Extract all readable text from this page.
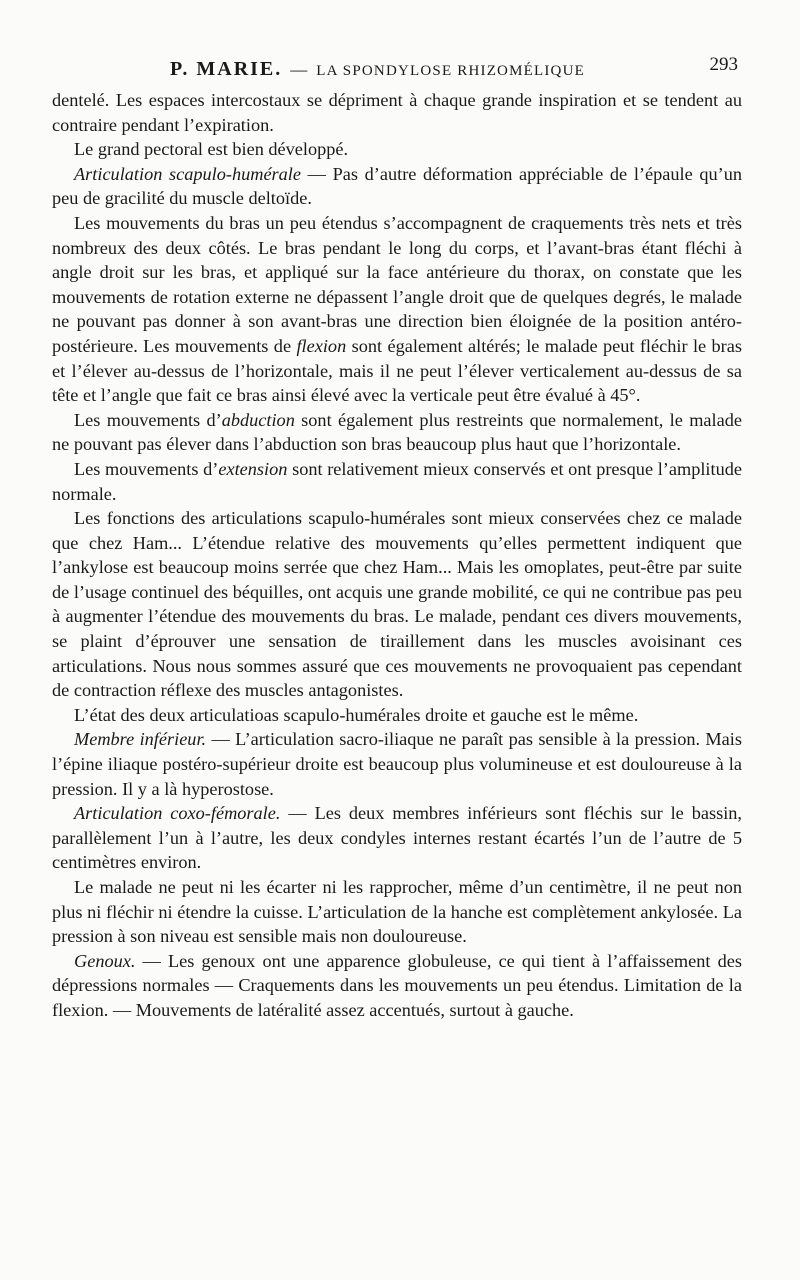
P. MARIE. — LA SPONDYLOSE RHIZOMÉLIQUE	293

dentelé. Les espaces intercostaux se dépriment à chaque grande inspiration et se tendent au contraire pendant l’expiration.

Le grand pectoral est bien développé.

Articulation scapulo-humérale — Pas d’autre déformation appréciable de l’épaule qu’un peu de gracilité du muscle deltoïde.

Les mouvements du bras un peu étendus s’accompagnent de craquements très nets et très nombreux des deux côtés. Le bras pendant le long du corps, et l’avant-bras étant fléchi à angle droit sur les bras, et appliqué sur la face antérieure du thorax, on constate que les mouvements de rotation externe ne dépassent l’angle droit que de quelques degrés, le malade ne pouvant pas donner à son avant-bras une direction bien éloignée de la position antéro-postérieure. Les mouvements de flexion sont également altérés; le malade peut fléchir le bras et l’élever au-dessus de l’horizontale, mais il ne peut l’élever verticalement au-dessus de sa tête et l’angle que fait ce bras ainsi élevé avec la verticale peut être évalué à 45°.

Les mouvements d’abduction sont également plus restreints que normalement, le malade ne pouvant pas élever dans l’abduction son bras beaucoup plus haut que l’horizontale.

Les mouvements d’extension sont relativement mieux conservés et ont presque l’amplitude normale.

Les fonctions des articulations scapulo-humérales sont mieux conservées chez ce malade que chez Ham... L’étendue relative des mouvements qu’elles permettent indiquent que l’ankylose est beaucoup moins serrée que chez Ham... Mais les omoplates, peut-être par suite de l’usage continuel des béquilles, ont acquis une grande mobilité, ce qui ne contribue pas peu à augmenter l’étendue des mouvements du bras. Le malade, pendant ces divers mouvements, se plaint d’éprouver une sensation de tiraillement dans les muscles avoisinant ces articulations. Nous nous sommes assuré que ces mouvements ne provoquaient pas cependant de contraction réflexe des muscles antagonistes.

L’état des deux articulatioas scapulo-humérales droite et gauche est le même.

Membre inférieur. — L’articulation sacro-iliaque ne paraît pas sensible à la pression. Mais l’épine iliaque postéro-supérieur droite est beaucoup plus volumineuse et est douloureuse à la pression. Il y a là hyperostose.

Articulation coxo-fémorale. — Les deux membres inférieurs sont fléchis sur le bassin, parallèlement l’un à l’autre, les deux condyles internes restant écartés l’un de l’autre de 5 centimètres environ.

Le malade ne peut ni les écarter ni les rapprocher, même d’un centimètre, il ne peut non plus ni fléchir ni étendre la cuisse. L’articulation de la hanche est complètement ankylosée. La pression à son niveau est sensible mais non douloureuse.

Genoux. — Les genoux ont une apparence globuleuse, ce qui tient à l’affaissement des dépressions normales — Craquements dans les mouvements un peu étendus. Limitation de la flexion. — Mouvements de latéralité assez accentués, surtout à gauche.
